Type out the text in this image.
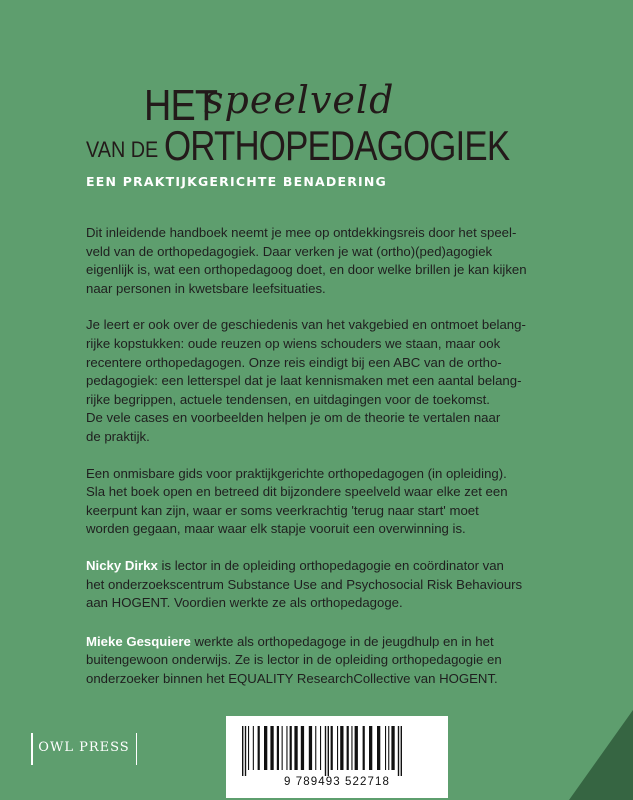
HET
speelveld
VAN DE ORTHOPEDAGOGIEK
EEN PRAKTIJKGERICHTE BENADERING

Dit inleidende handboek neemt je mee op ontdekkingsreis door het speel-
veld van de orthopedagogiek. Daar verken je wat (ortho)(ped)agogiek
eigenlijk is, wat een orthopedagoog doet, en door welke brillen je kan kijken
naar personen in kwetsbare leefsituaties.

Je leert er ook over de geschiedenis van het vakgebied en ontmoet belang-
rijke kopstukken: oude reuzen op wiens schouders we staan, maar ook
recentere orthopedagogen. Onze reis eindigt bij een ABC van de ortho-
pedagogiek: een letterspel dat je laat kennismaken met een aantal belang-
rijke begrippen, actuele tendensen, en uitdagingen voor de toekomst.
De vele cases en voorbeelden helpen je om de theorie te vertalen naar
de praktijk.

Een onmisbare gids voor praktijkgerichte orthopedagogen (in opleiding).
Sla het boek open en betreed dit bijzondere speelveld waar elke zet een
keerpunt kan zijn, waar er soms veerkrachtig 'terug naar start' moet
worden gegaan, maar waar elk stapje vooruit een overwinning is.

Nicky Dirkx is lector in de opleiding orthopedagogie en coördinator van
het onderzoekscentrum Substance Use and Psychosocial Risk Behaviours
aan HOGENT. Voordien werkte ze als orthopedagoge.

Mieke Gesquiere werkte als orthopedagoge in de jeugdhulp en in het
buitengewoon onderwijs. Ze is lector in de opleiding orthopedagogie en
onderzoeker binnen het EQUALITY ResearchCollective van HOGENT.

OWL PRESS
9 789493 522718
